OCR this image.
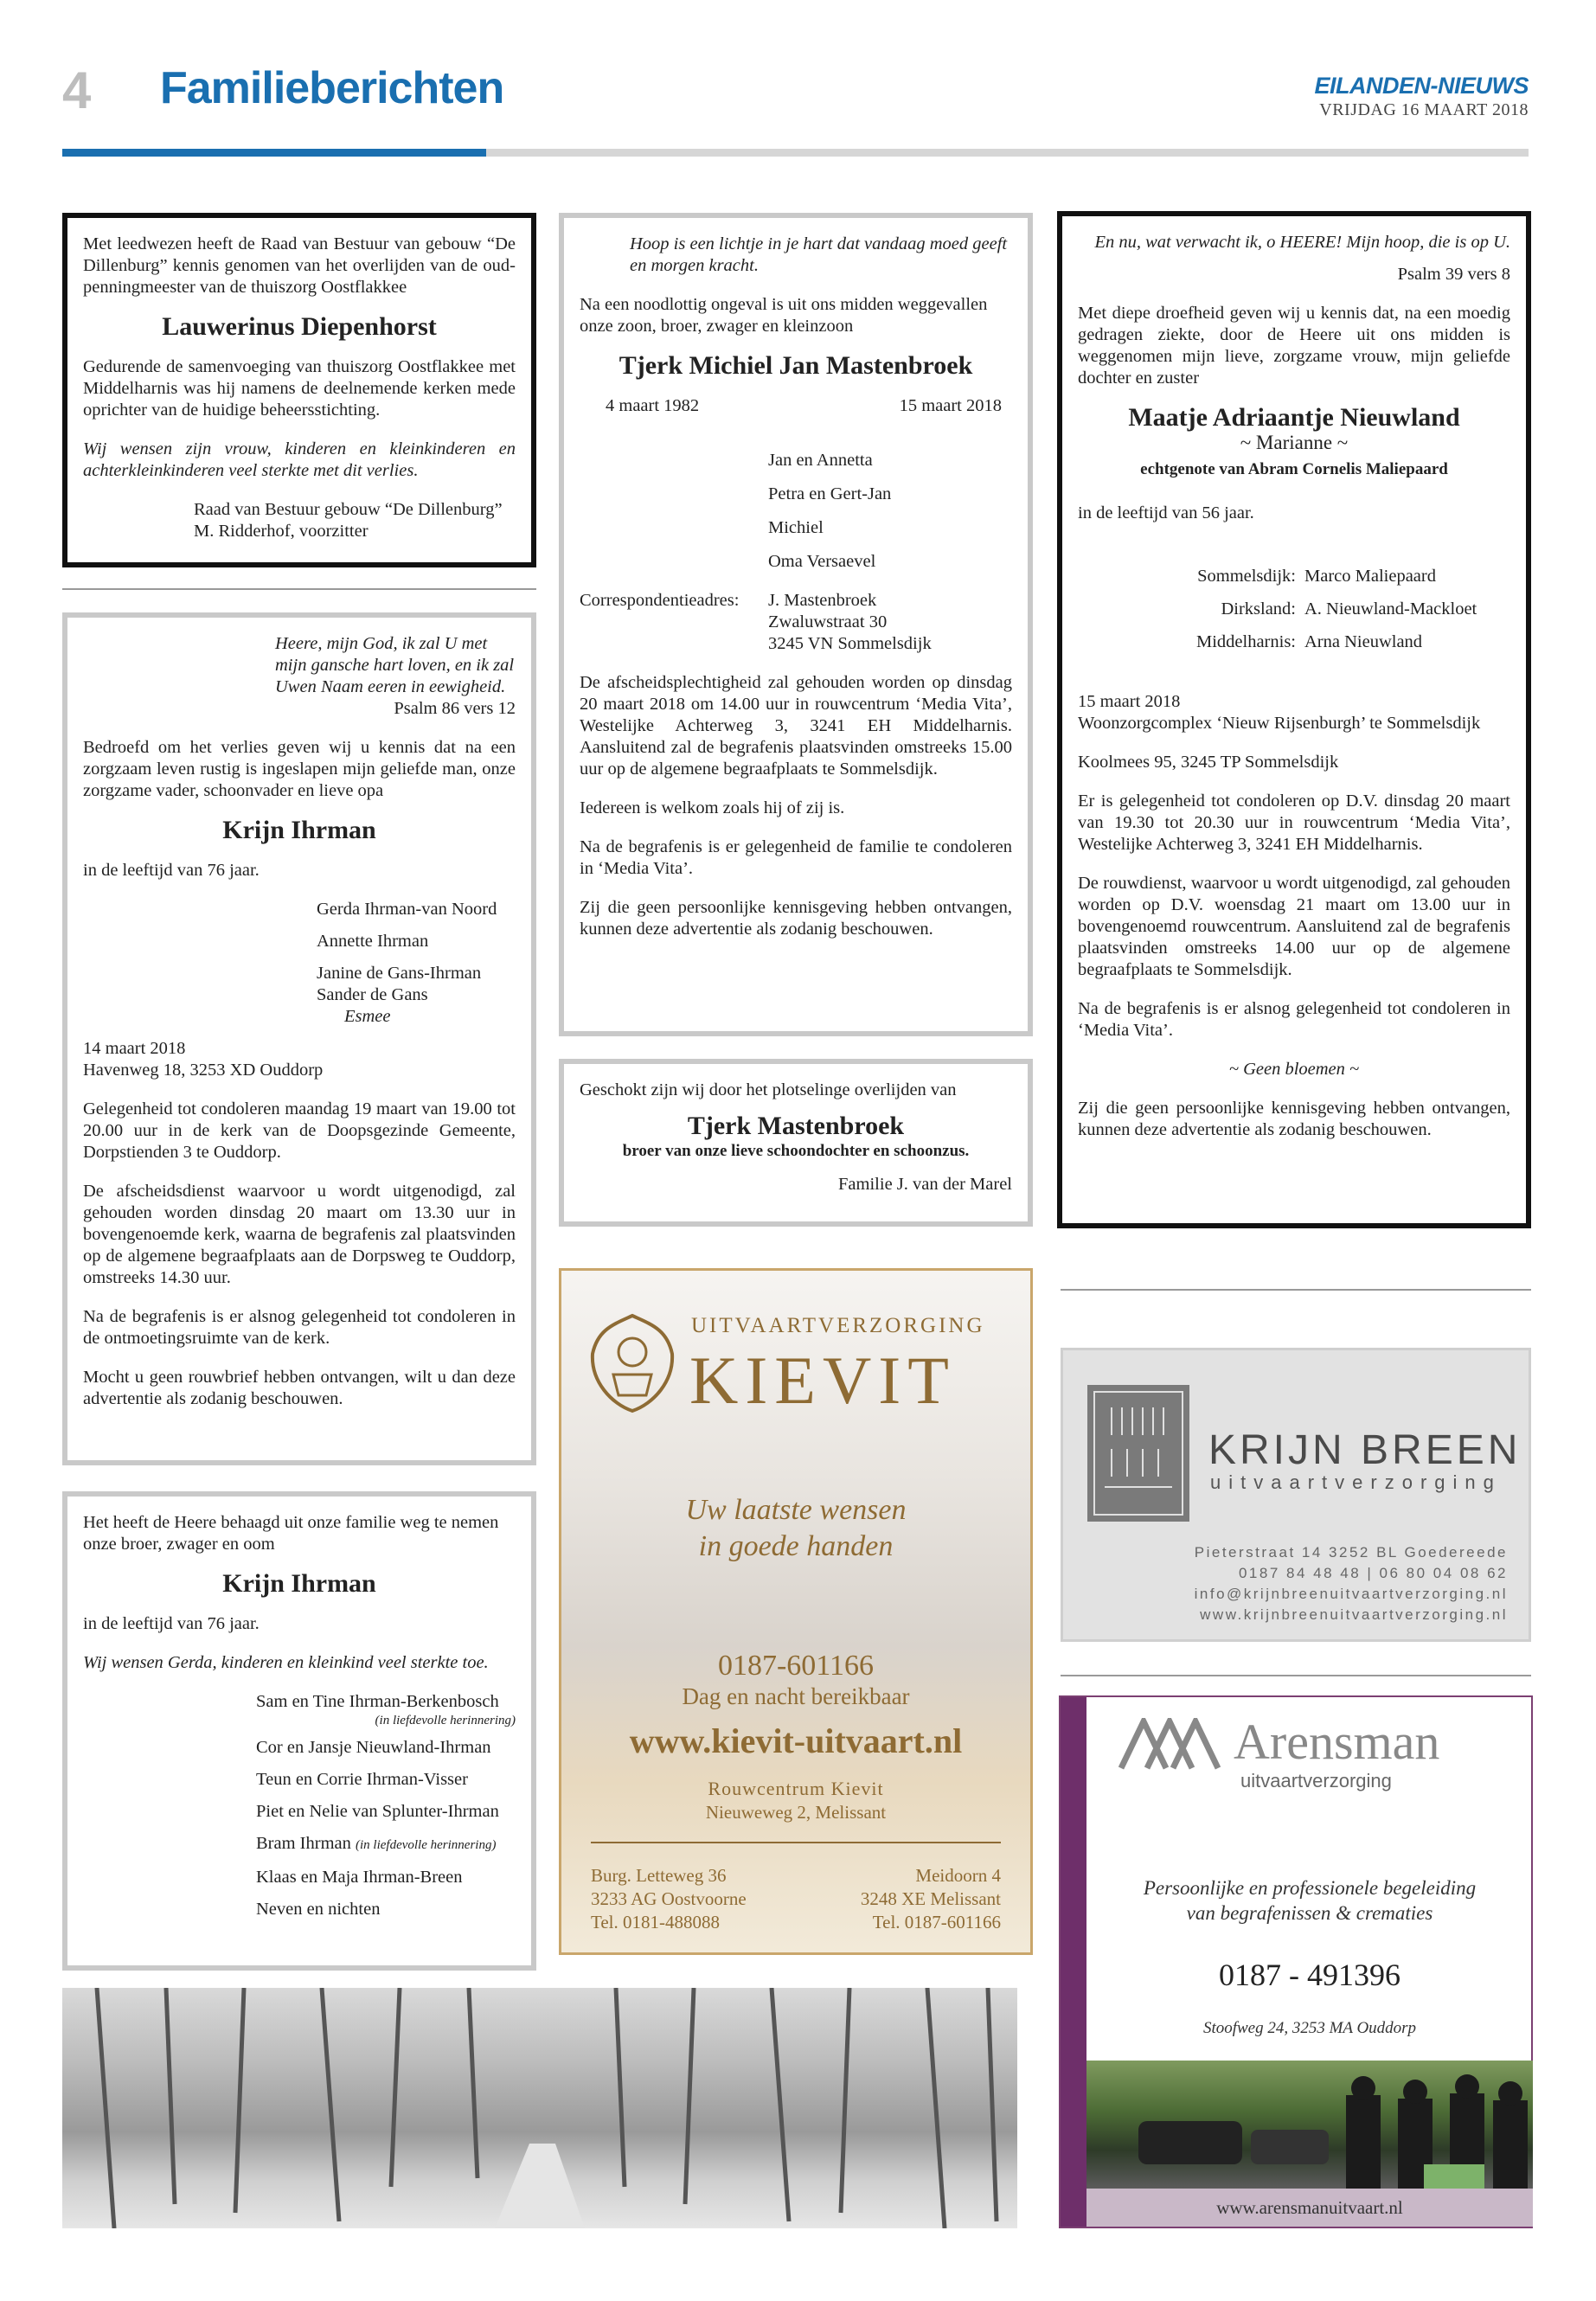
4 Familieberichten	EILANDEN-NIEUWS
VRIJDAG 16 MAART 2018

Met leedwezen heeft de Raad van Bestuur van gebouw “De Dillenburg” kennis genomen van het overlijden van de oud-penningmeester van de thuiszorg Oostflakkee

Lauwerinus Diepenhorst

Gedurende de samenvoeging van thuiszorg Oostflakkee met Middelharnis was hij namens de deelnemende kerken mede oprichter van de huidige beheersstichting.

Wij wensen zijn vrouw, kinderen en kleinkinderen en achterkleinkinderen veel sterkte met dit verlies.

Raad van Bestuur gebouw “De Dillenburg”
M. Ridderhof, voorzitter
Heere, mijn God, ik zal U met mijn gansche hart loven, en ik zal Uwen Naam eeren in eewigheid.
Psalm 86 vers 12

Bedroefd om het verlies geven wij u kennis dat na een zorgzaam leven rustig is ingeslapen mijn geliefde man, onze zorgzame vader, schoonvader en lieve opa

Krijn Ihrman

in de leeftijd van 76 jaar.

Gerda Ihrman-van Noord
Annette Ihrman
Janine de Gans-Ihrman
Sander de Gans
Esmee
14 maart 2018

Havenweg 18, 3253 XD Ouddorp

Gelegenheid tot condoleren maandag 19 maart van 19.00 tot 20.00 uur in de kerk van de Doopsgezinde Gemeente, Dorpstienden 3 te Ouddorp.

De afscheidsdienst waarvoor u wordt uitgenodigd, zal gehouden worden dinsdag 20 maart om 13.30 uur in bovengenoemde kerk, waarna de begrafenis zal plaatsvinden op de algemene begraafplaats aan de Dorpsweg te Ouddorp, omstreeks 14.30 uur.

Na de begrafenis is er alsnog gelegenheid tot condoleren in de ontmoetingsruimte van de kerk.

Mocht u geen rouwbrief hebben ontvangen, wilt u dan deze advertentie als zodanig beschouwen.

Het heeft de Heere behaagd uit onze familie weg te nemen onze broer, zwager en oom

Krijn Ihrman

in de leeftijd van 76 jaar.

Wij wensen Gerda, kinderen en kleinkind veel sterkte toe.

Sam en Tine Ihrman-Berkenbosch
(in liefdevolle herinnering)
Cor en Jansje Nieuwland-Ihrman
Teun en Corrie Ihrman-Visser
Piet en Nelie van Splunter-Ihrman
Bram Ihrman (in liefdevolle herinnering)
Klaas en Maja Ihrman-Breen
Neven en nichten
Hoop is een lichtje in je hart dat vandaag moed geeft en morgen kracht.

Na een noodlottig ongeval is uit ons midden weggevallen onze zoon, broer, zwager en kleinzoon

Tjerk Michiel Jan Mastenbroek
4 maart 1982	15 maart 2018
Jan en Annetta
Petra en Gert-Jan
Michiel
Oma Versaevel
Correspondentieadres:	J. Mastenbroek
Zwaluwstraat 30
3245 VN Sommelsdijk

De afscheidsplechtigheid zal gehouden worden op dinsdag 20 maart 2018 om 14.00 uur in rouwcentrum ‘Media Vita’, Westelijke Achterweg 3, 3241 EH Middelharnis. Aansluitend zal de begrafenis plaatsvinden omstreeks 15.00 uur op de algemene begraafplaats te Sommelsdijk.

Iedereen is welkom zoals hij of zij is.

Na de begrafenis is er gelegenheid de familie te condoleren in ‘Media Vita’.

Zij die geen persoonlijke kennisgeving hebben ontvangen, kunnen deze advertentie als zodanig beschouwen.

Geschokt zijn wij door het plotselinge overlijden van
Tjerk Mastenbroek
broer van onze lieve schoondochter en schoonzus.
Familie J. van der Marel
UITVAARTVERZORGING
KIEVIT
Uw laatste wensen
in goede handen
0187-601166
Dag en nacht bereikbaar
www.kievit-uitvaart.nl
Rouwcentrum Kievit
Nieuweweg 2, Melissant
Burg. Letteweg 36
3233 AG Oostvoorne
Tel. 0181-488088
Meidoorn 4
3248 XE Melissant
Tel. 0187-601166
En nu, wat verwacht ik, o HEERE! Mijn hoop, die is op U.
Psalm 39 vers 8

Met diepe droefheid geven wij u kennis dat, na een moedig gedragen ziekte, door de Heere uit ons midden is weggenomen mijn lieve, zorgzame vrouw, mijn geliefde dochter en zuster

Maatje Adriaantje Nieuwland
~ Marianne ~
echtgenote van Abram Cornelis Maliepaard

in de leeftijd van 56 jaar.

Sommelsdijk: Marco Maliepaard
Dirksland: A. Nieuwland-Mackloet
Middelharnis: Arna Nieuwland
15 maart 2018

Woonzorgcomplex ‘Nieuw Rijsenburgh’ te Sommelsdijk

Koolmees 95, 3245 TP Sommelsdijk

Er is gelegenheid tot condoleren op D.V. dinsdag 20 maart van 19.30 tot 20.30 uur in rouwcentrum ‘Media Vita’, Westelijke Achterweg 3, 3241 EH Middelharnis.

De rouwdienst, waarvoor u wordt uitgenodigd, zal gehouden worden op D.V. woensdag 21 maart om 13.00 uur in bovengenoemd rouwcentrum. Aansluitend zal de begrafenis plaatsvinden omstreeks 14.00 uur op de algemene begraafplaats te Sommelsdijk.

Na de begrafenis is er alsnog gelegenheid tot condoleren in ‘Media Vita’.

~ Geen bloemen ~

Zij die geen persoonlijke kennisgeving hebben ontvangen, kunnen deze advertentie als zodanig beschouwen.

KRIJN BREEN
uitvaartverzorging
Pieterstraat 14 3252 BL Goedereede
0187 84 48 48 | 06 80 04 08 62
info@krijnbreenuitvaartverzorging.nl
www.krijnbreenuitvaartverzorging.nl
Arensman
uitvaartverzorging
Persoonlijke en professionele begeleiding
van begrafenissen & crematies
0187 - 491396
Stoofweg 24, 3253 MA Ouddorp
www.arensmanuitvaart.nl
